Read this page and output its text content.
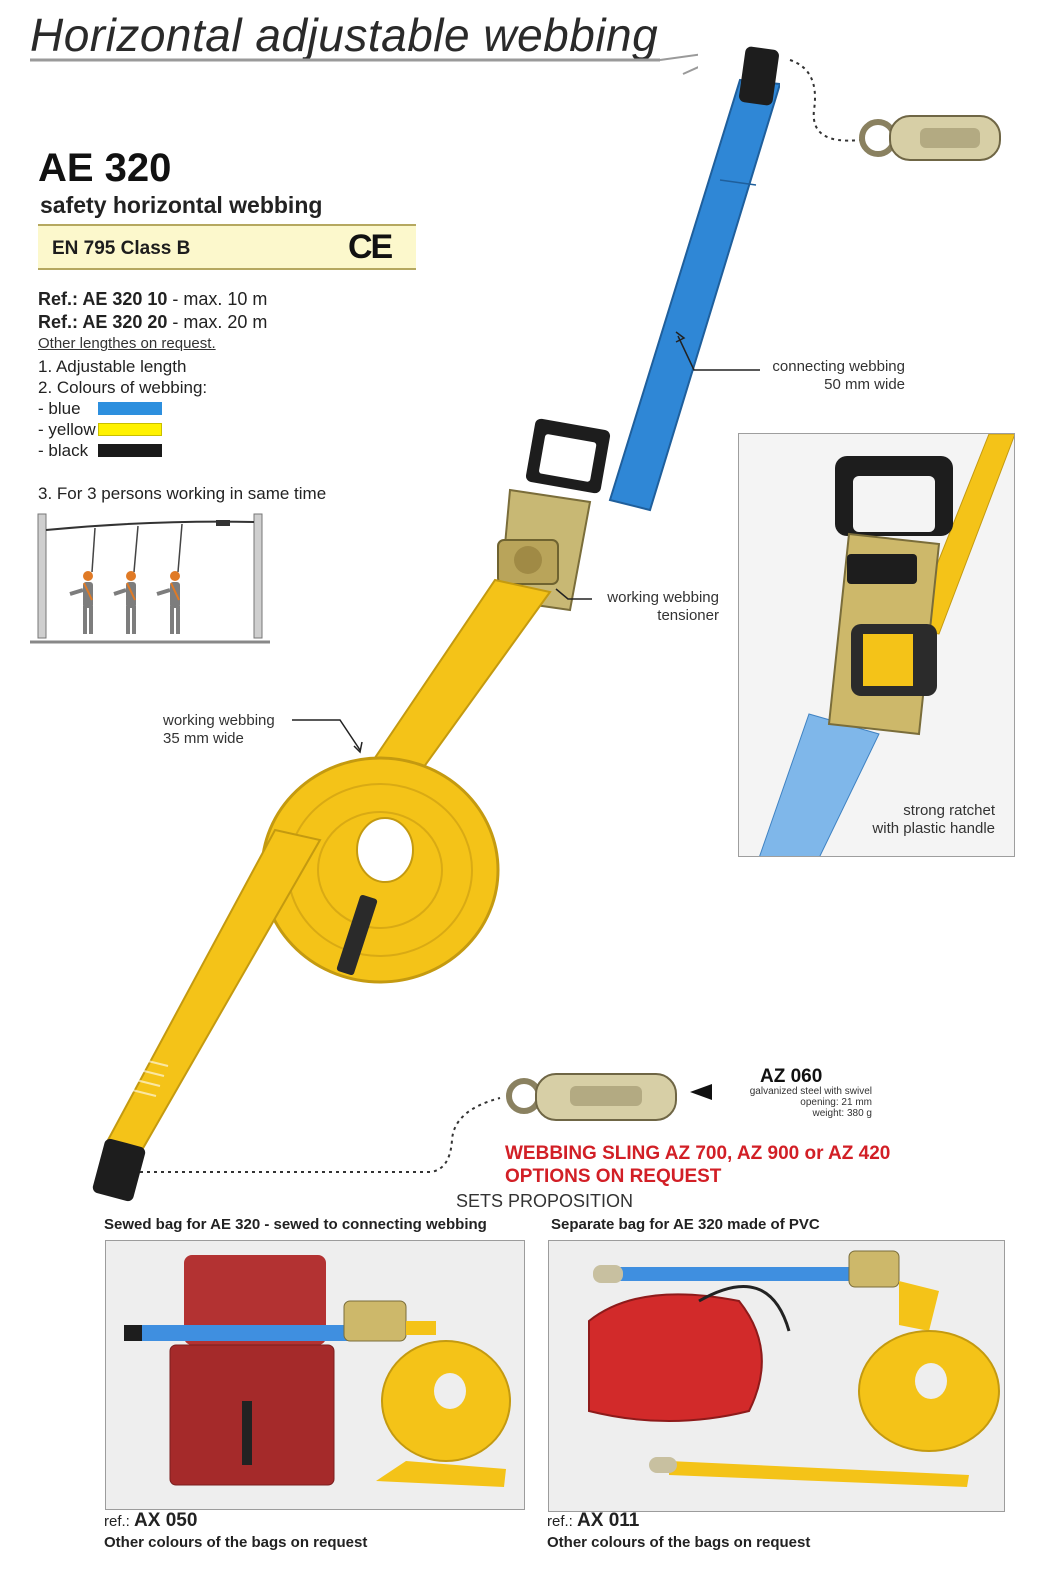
Horizontal adjustable webbing
AE 320
safety horizontal webbing
EN 795 Class B	CE
Ref.: AE 320 10 - max. 10 m
Ref.: AE 320 20 - max. 20 m
Other lengthes on request.
1. Adjustable length
2. Colours of webbing:
- blue
- yellow
- black
3. For 3 persons working in same time
connecting webbing
50 mm wide
working webbing
tensioner
working webbing
35 mm wide
strong ratchet
with plastic handle
AZ 060
galvanized steel with swivel
opening: 21 mm
weight: 380 g
WEBBING SLING AZ 700, AZ 900 or AZ 420
OPTIONS ON REQUEST
SETS PROPOSITION
Sewed bag for AE 320 - sewed to connecting webbing	Separate bag for AE 320 made of PVC
ref.: AX 050
Other colours of the bags on request
ref.: AX 011
Other colours of the bags on request
